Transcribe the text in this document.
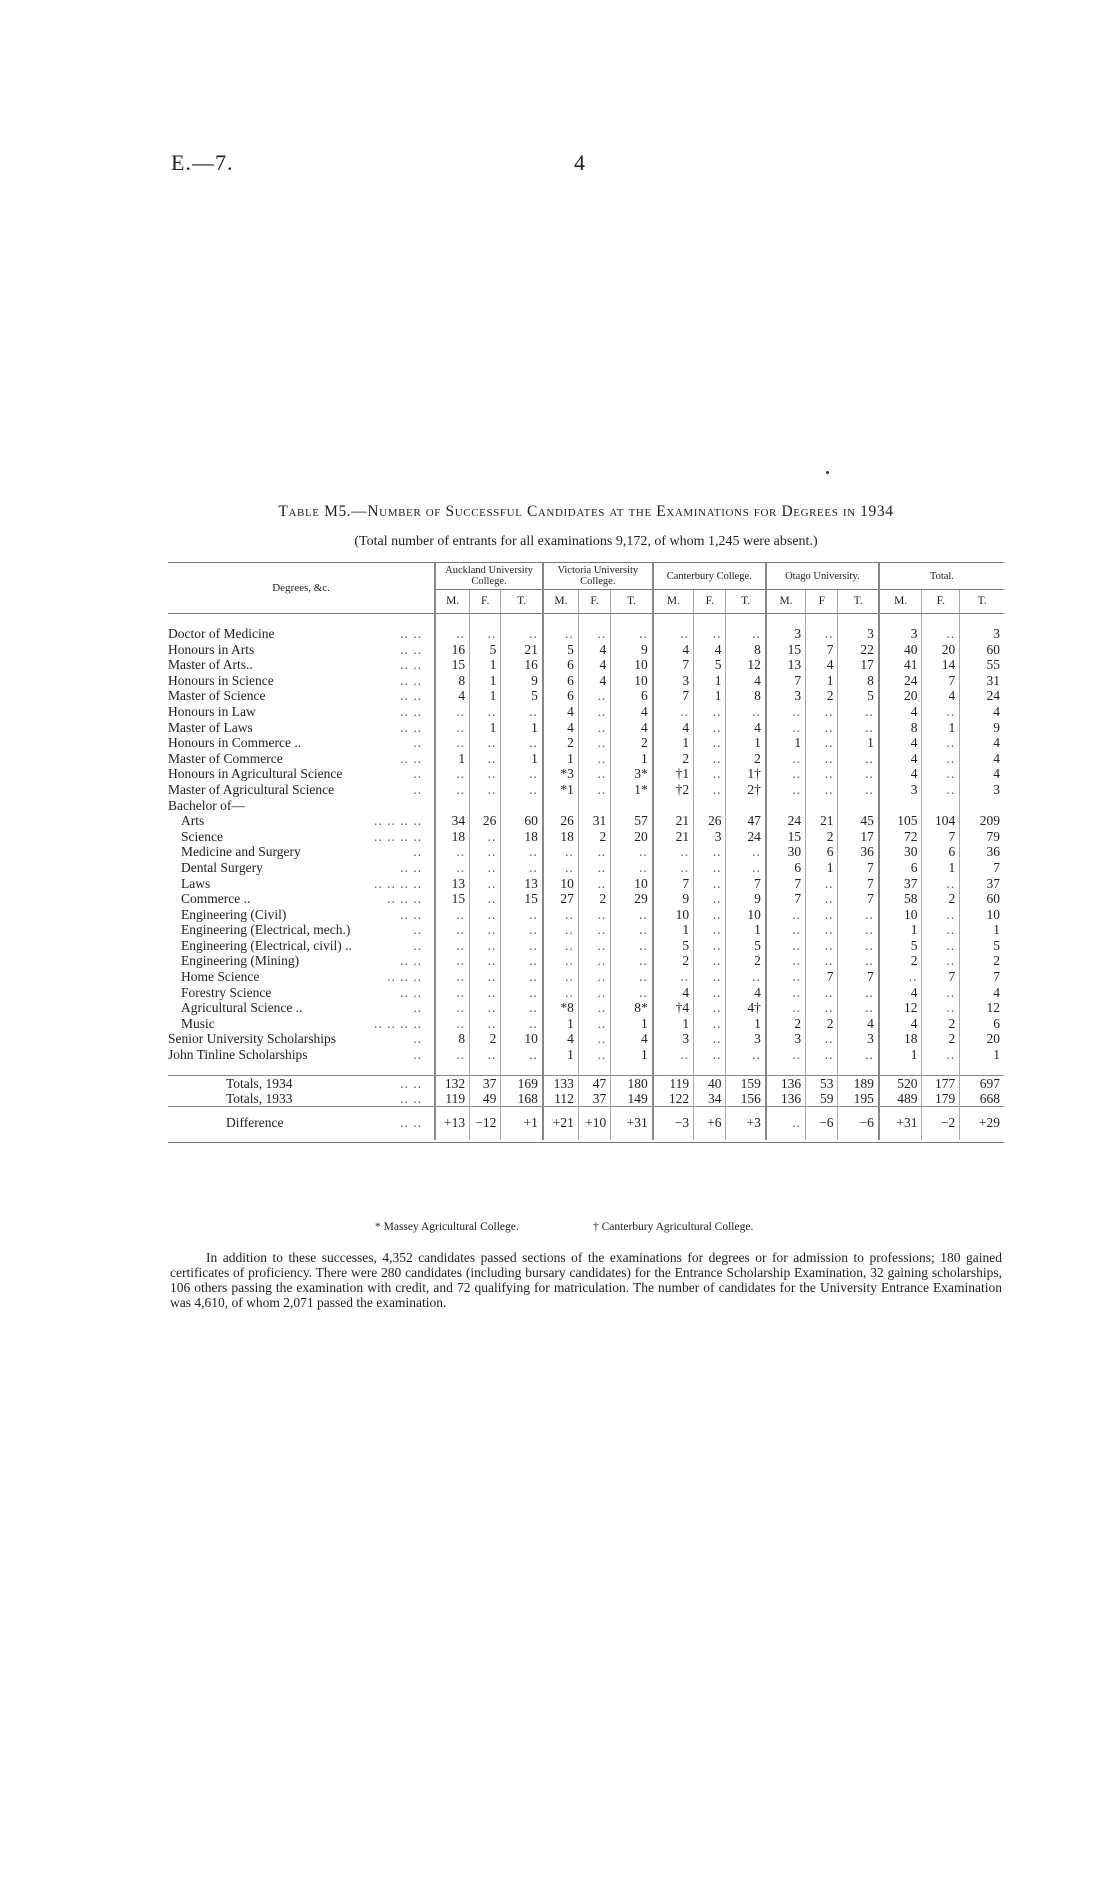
E.—7.	4
Table M5.—Number of Successful Candidates at the Examinations for Degrees in 1934
(Total number of entrants for all examinations 9,172, of whom 1,245 were absent.)
Degrees, &c.	Auckland University College.			Victoria University College.			Canterbury College.			Otago University.			Total.		
	M.	F.	T.	M.	F.	T.	M.	F.	T.	M.	F	T.	M.	F.	T.

.. ..
Doctor of Medicine	..	..	..	..	..	..	..	..	..	3	..	3	3	..	3

.. ..
Honours in Arts	16	5	21	5	4	9	4	4	8	15	7	22	40	20	60

.. ..
Master of Arts..	15	1	16	6	4	10	7	5	12	13	4	17	41	14	55

.. ..
Honours in Science	8	1	9	6	4	10	3	1	4	7	1	8	24	7	31

.. ..
Master of Science	4	1	5	6	..	6	7	1	8	3	2	5	20	4	24

.. ..
Honours in Law	..	..	..	4	..	4	..	..	..	..	..	..	4	..	4

.. ..
Master of Laws	..	1	1	4	..	4	4	..	4	..	..	..	8	1	9

..
Honours in Commerce ..	..	..	..	2	..	2	1	..	1	1	..	1	4	..	4

.. ..
Master of Commerce	1	..	1	1	..	1	2	..	2	..	..	..	4	..	4

..
Honours in Agricultural Science	..	..	..	*3	..	3*	†1	..	1†	..	..	..	4	..	4

..
Master of Agricultural Science	..	..	..	*1	..	1*	†2	..	2†	..	..	..	3	..	3

Bachelor of—															

.. .. .. ..
Arts	34	26	60	26	31	57	21	26	47	24	21	45	105	104	209

.. .. .. ..
Science	18	..	18	18	2	20	21	3	24	15	2	17	72	7	79

..
Medicine and Surgery	..	..	..	..	..	..	..	..	..	30	6	36	30	6	36

.. ..
Dental Surgery	..	..	..	..	..	..	..	..	..	6	1	7	6	1	7

.. .. .. ..
Laws	13	..	13	10	..	10	7	..	7	7	..	7	37	..	37

.. .. ..
Commerce ..	15	..	15	27	2	29	9	..	9	7	..	7	58	2	60

.. ..
Engineering (Civil)	..	..	..	..	..	..	10	..	10	..	..	..	10	..	10

..
Engineering (Electrical, mech.)	..	..	..	..	..	..	1	..	1	..	..	..	1	..	1

..
Engineering (Electrical, civil) ..	..	..	..	..	..	..	5	..	5	..	..	..	5	..	5

.. ..
Engineering (Mining)	..	..	..	..	..	..	2	..	2	..	..	..	2	..	2

.. .. ..
Home Science	..	..	..	..	..	..	..	..	..	..	7	7	..	7	7

.. ..
Forestry Science	..	..	..	..	..	..	4	..	4	..	..	..	4	..	4

..
Agricultural Science ..	..	..	..	*8	..	8*	†4	..	4†	..	..	..	12	..	12

.. .. .. ..
Music	..	..	..	1	..	1	1	..	1	2	2	4	4	2	6

..
Senior University Scholarships	8	2	10	4	..	4	3	..	3	3	..	3	18	2	20

..
John Tinline Scholarships	..	..	..	1	..	1	..	..	..	..	..	..	1	..	1

.. ..
Totals, 1934	132	37	169	133	47	180	119	40	159	136	53	189	520	177	697

.. ..
Totals, 1933	119	49	168	112	37	149	122	34	156	136	59	195	489	179	668

.. ..
Difference	+13	−12	+1	+21	+10	+31	−3	+6	+3	..	−6	−6	+31	−2	+29
* Massey Agricultural College.	† Canterbury Agricultural College.
In addition to these successes, 4,352 candidates passed sections of the examinations for degrees or for admission to professions; 180 gained certificates of proficiency. There were 280 candidates (including bursary candidates) for the Entrance Scholarship Examination, 32 gaining scholarships, 106 others passing the examination with credit, and 72 qualifying for matriculation. The number of candidates for the University Entrance Examination was 4,610, of whom 2,071 passed the examination.
